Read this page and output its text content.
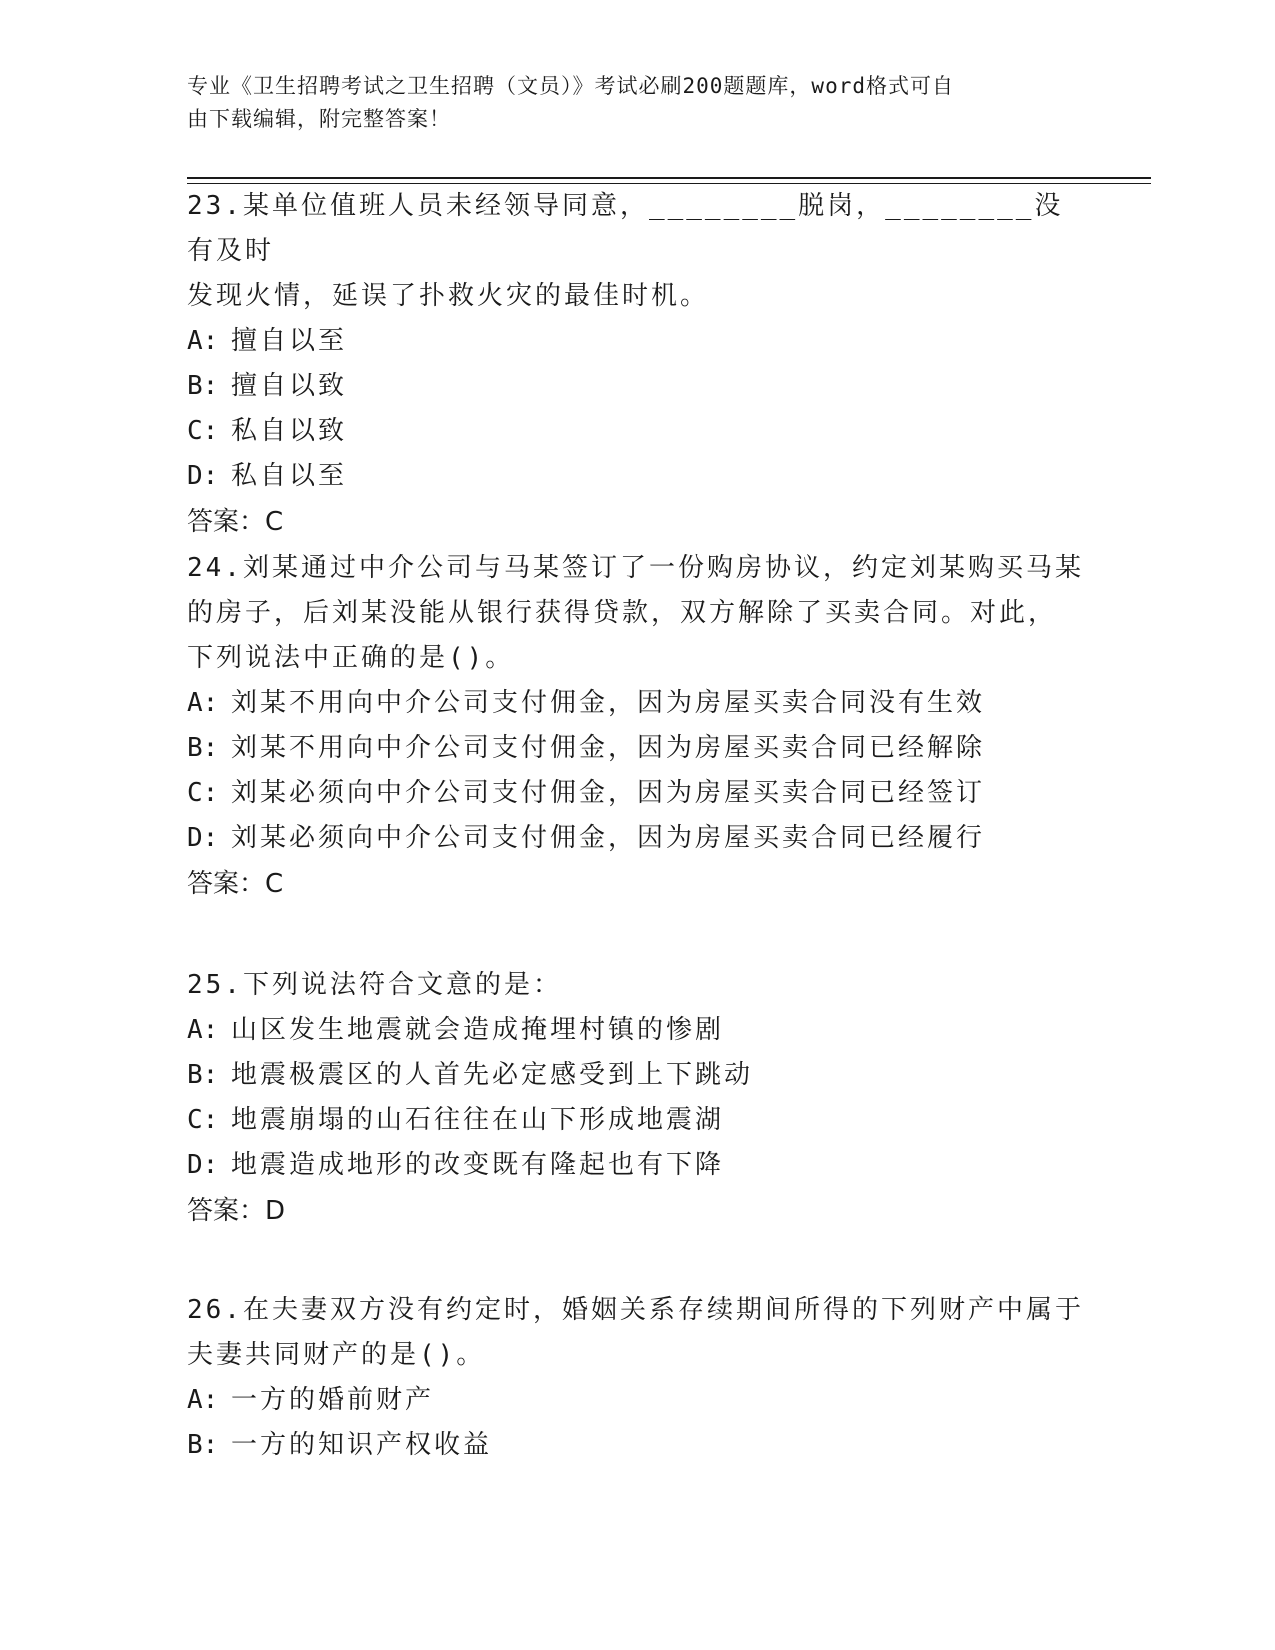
专业《卫生招聘考试之卫生招聘（文员）》考试必刷200题题库，word格式可自
由下载编辑，附完整答案！

23.某单位值班人员未经领导同意，________脱岗，________没有及时

发现火情，延误了扑救火灾的最佳时机。

A: 擅自以至

B: 擅自以致

C: 私自以致

D: 私自以至

答案：C

24.刘某通过中介公司与马某签订了一份购房协议，约定刘某购买马某

的房子，后刘某没能从银行获得贷款，双方解除了买卖合同。对此，

下列说法中正确的是()。

A: 刘某不用向中介公司支付佣金，因为房屋买卖合同没有生效

B: 刘某不用向中介公司支付佣金，因为房屋买卖合同已经解除

C: 刘某必须向中介公司支付佣金，因为房屋买卖合同已经签订

D: 刘某必须向中介公司支付佣金，因为房屋买卖合同已经履行

答案：C

25.下列说法符合文意的是：

A: 山区发生地震就会造成掩埋村镇的惨剧

B: 地震极震区的人首先必定感受到上下跳动

C: 地震崩塌的山石往往在山下形成地震湖

D: 地震造成地形的改变既有隆起也有下降

答案：D

26.在夫妻双方没有约定时，婚姻关系存续期间所得的下列财产中属于

夫妻共同财产的是()。

A: 一方的婚前财产

B: 一方的知识产权收益
